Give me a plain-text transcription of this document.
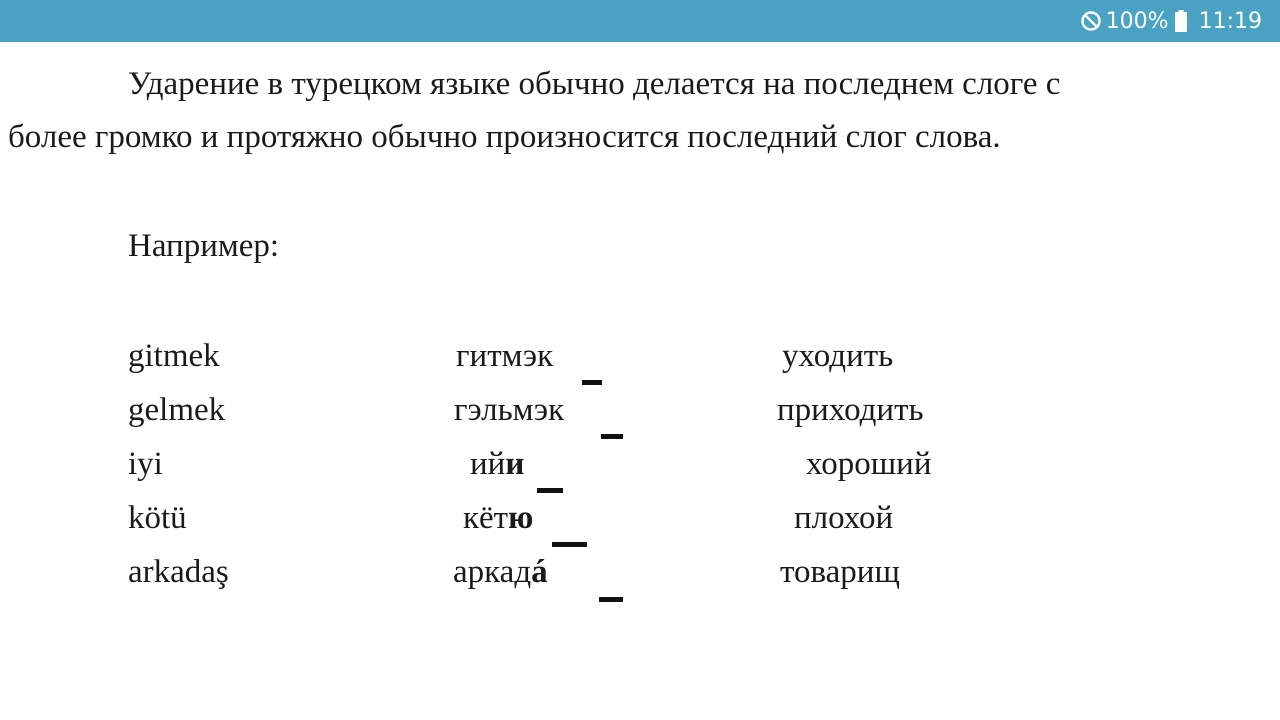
100% 11:19
Ударение в турецком языке обычно делается на последнем слоге с
более громко и протяжно обычно произносится последний слог слова.
Например:
gitmek	гитмэк	уходить
gelmek	гэльмэк	приходить
iyi	ийи	хороший
kötü	кётю	плохой
arkadaş	аркадá	товарищ
